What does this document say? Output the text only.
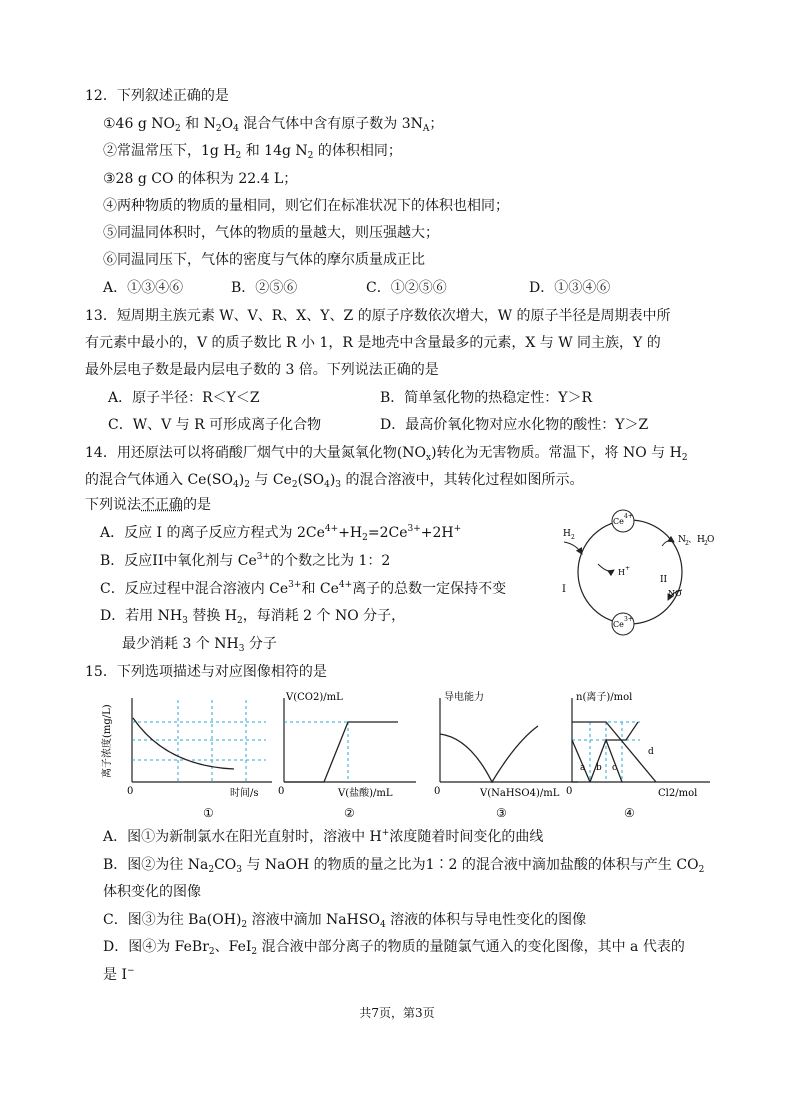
12．下列叙述正确的是
①46 g $NO_2$ 和 $N_2O_4$ 混合气体中含有原子数为 $3N_A$；
②常温常压下，1g $H_2$ 和 14g $N_2$ 的体积相同；
③28 g CO 的体积为 22.4 L；
④两种物质的物质的量相同，则它们在标准状况下的体积也相同；
⑤同温同体积时，气体的物质的量越大，则压强越大；
⑥同温同压下，气体的密度与气体的摩尔质量成正比
A．①③④⑥	B．②⑤⑥	C．①②⑤⑥	D．①③④⑥
13．短周期主族元素 W、V、R、X、Y、Z 的原子序数依次增大，W 的原子半径是周期表中所
有元素中最小的，V 的质子数比 R 小 1，R 是地壳中含量最多的元素，X 与 W 同主族，Y 的
最外层电子数是最内层电子数的 3 倍。下列说法正确的是
A．原子半径：R＜Y＜Z	B．简单氢化物的热稳定性：Y＞R
C．W、V 与 R 可形成离子化合物	D．最高价氧化物对应水化物的酸性：Y＞Z
14．用还原法可以将硝酸厂烟气中的大量氮氧化物$(NO_x)$转化为无害物质。常温下，将 NO 与 $H_2$
的混合气体通入 $Ce(SO_4)_2$ 与 $Ce_2(SO_4)_3$ 的混合溶液中，其转化过程如图所示。
下列说法不正确的是
A．反应 I 的离子反应方程式为 $2Ce^{4+}+H_2=2Ce^{3+}+2H^+$
B．反应II中氧化剂与 $Ce^{3+}$的个数之比为 1：2
C．反应过程中混合溶液内 $Ce^{3+}$和 $Ce^{4+}$离子的总数一定保持不变
D．若用 $NH_3$ 替换 $H_2$，每消耗 2 个 NO 分子，
最少消耗 3 个 $NH_3$ 分子
Ce
4+
Ce
3+
H 2	N 2 、H 2 O
H +
NO
I
II
15．下列选项描述与对应图像相符的是
0	时间/s
离子浓度(mg/L)
①
0
V(CO2)/mL
V(盐酸)/mL
②
0
导电能力
V(NaHSO4)/mL
③
a b c
d
0
n(离子)/mol
Cl2/mol
④
A．图①为新制氯水在阳光直射时，溶液中 H+浓度随着时间变化的曲线
B．图②为往 $Na_2CO_3$ 与 NaOH 的物质的量之比为1∶2 的混合液中滴加盐酸的体积与产生 $CO_2$
体积变化的图像
C．图③为往 $Ba(OH)_2$ 溶液中滴加 NaHSO$_4$ 溶液的体积与导电性变化的图像
D．图④为 FeBr$_2$、FeI$_2$ 混合液中部分离子的物质的量随氯气通入的变化图像，其中 a 代表的
是 I−
共7页，第3页
